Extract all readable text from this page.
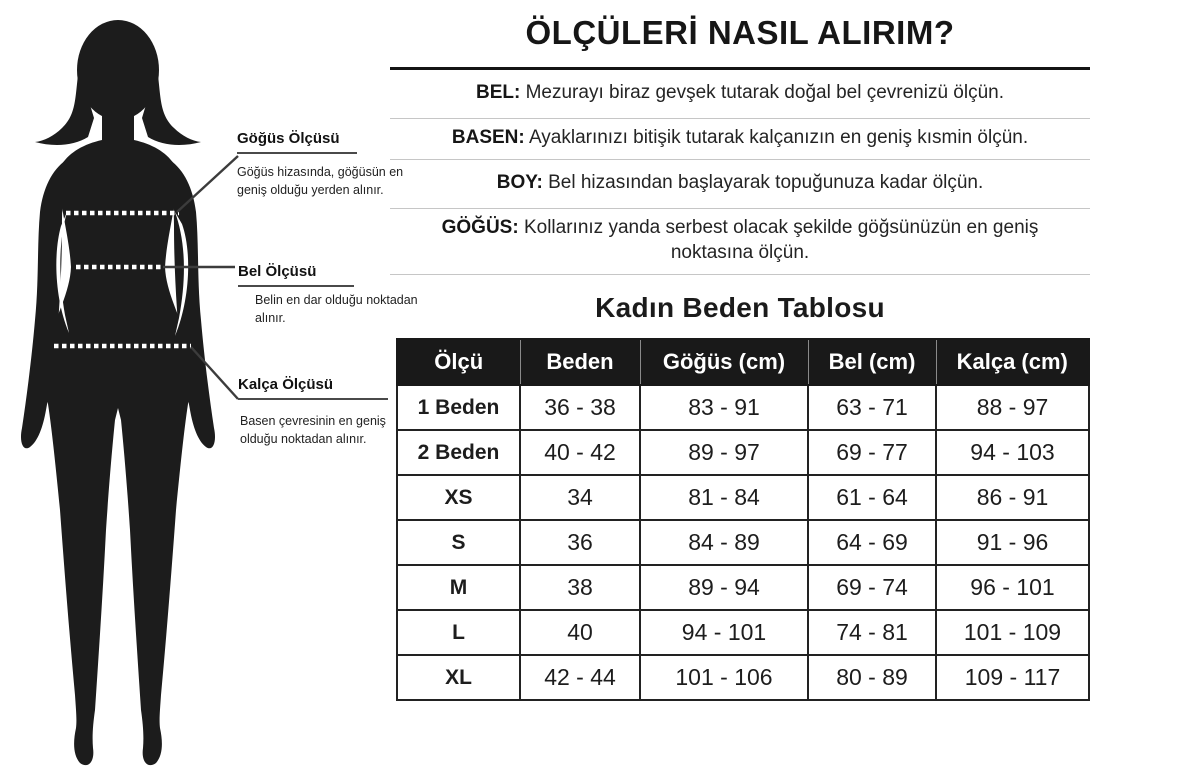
Göğüs Ölçüsü
Göğüs hizasında, göğüsün en geniş olduğu yerden alınır.
Bel Ölçüsü
Belin en dar olduğu noktadan alınır.
Kalça Ölçüsü
Basen çevresinin en geniş olduğu noktadan alınır.
ÖLÇÜLERİ NASIL ALIRIM?
BEL: Mezurayı biraz gevşek tutarak doğal bel çevrenizü ölçün.
BASEN: Ayaklarınızı bitişik tutarak kalçanızın en geniş kısmin ölçün.
BOY: Bel hizasından başlayarak topuğunuza kadar ölçün.
GÖĞÜS: Kollarınız yanda serbest olacak şekilde göğsünüzün en geniş noktasına ölçün.
Kadın Beden Tablosu
Ölçü	Beden	Göğüs (cm)	Bel (cm)	Kalça (cm)
1 Beden	36 - 38	83 - 91	63 - 71	88 - 97
2 Beden	40 - 42	89 - 97	69 - 77	94 - 103
XS	34	81 - 84	61 - 64	86 - 91
S	36	84 - 89	64 - 69	91 - 96
M	38	89 - 94	69 - 74	96 - 101
L	40	94 - 101	74 - 81	101 - 109
XL	42 - 44	101 - 106	80 - 89	109 - 117
